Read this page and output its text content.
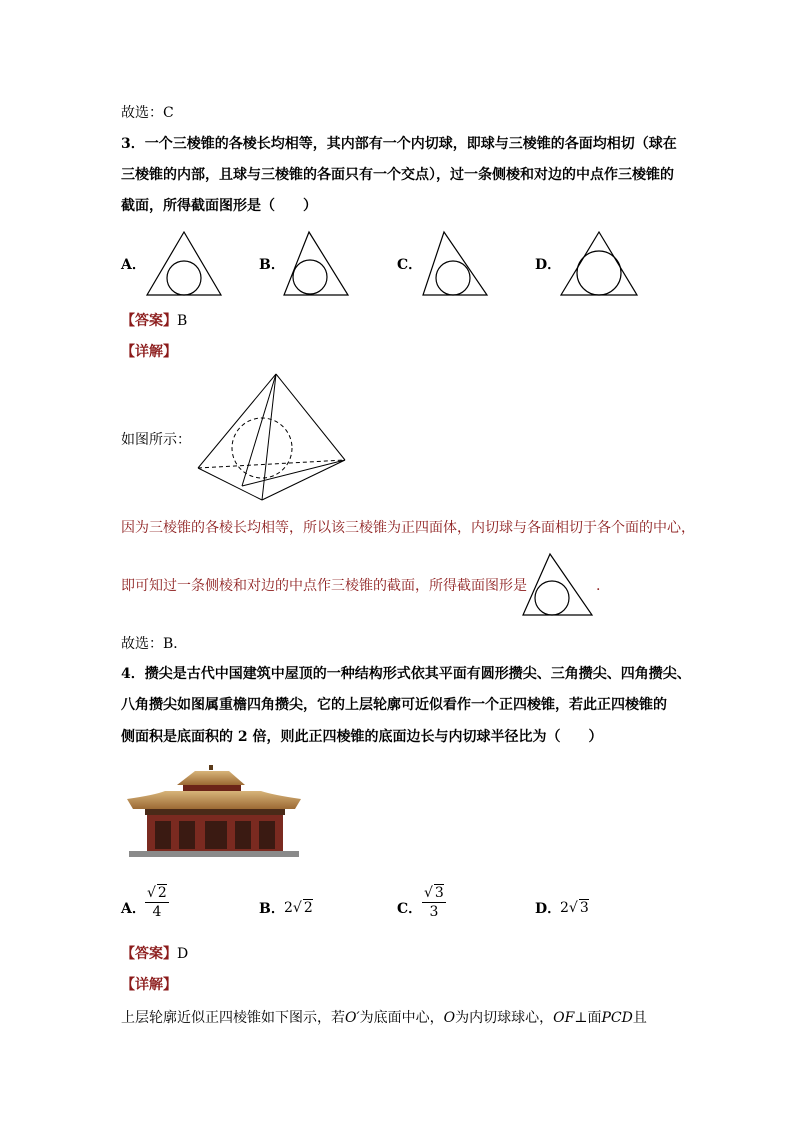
故选：C
3．一个三棱锥的各棱长均相等，其内部有一个内切球，即球与三棱锥的各面均相切（球在
三棱锥的内部，且球与三棱锥的各面只有一个交点），过一条侧棱和对边的中点作三棱锥的
截面，所得截面图形是（　　）
A．	B．	C．	D．
【答案】B
【详解】
如图所示：
因为三棱锥的各棱长均相等，所以该三棱锥为正四面体，内切球与各面相切于各个面的中心，
即可知过一条侧棱和对边的中点作三棱锥的截面，所得截面图形是	.
故选：B．
4．攒尖是古代中国建筑中屋顶的一种结构形式依其平面有圆形攒尖、三角攒尖、四角攒尖、
八角攒尖如图属重檐四角攒尖，它的上层轮廓可近似看作一个正四棱锥，若此正四棱锥的
侧面积是底面积的 2 倍，则此正四棱锥的底面边长与内切球半径比为（　　）
A． $\frac{√ 2}{4}$	B． 2√ 2	C． $\frac{√ 3}{3}$	D．
2√ 3
【答案】D
【详解】
上层轮廓近似正四棱锥如下图示，若O′为底面中心，O为内切球球心，OF⊥面PCD且
